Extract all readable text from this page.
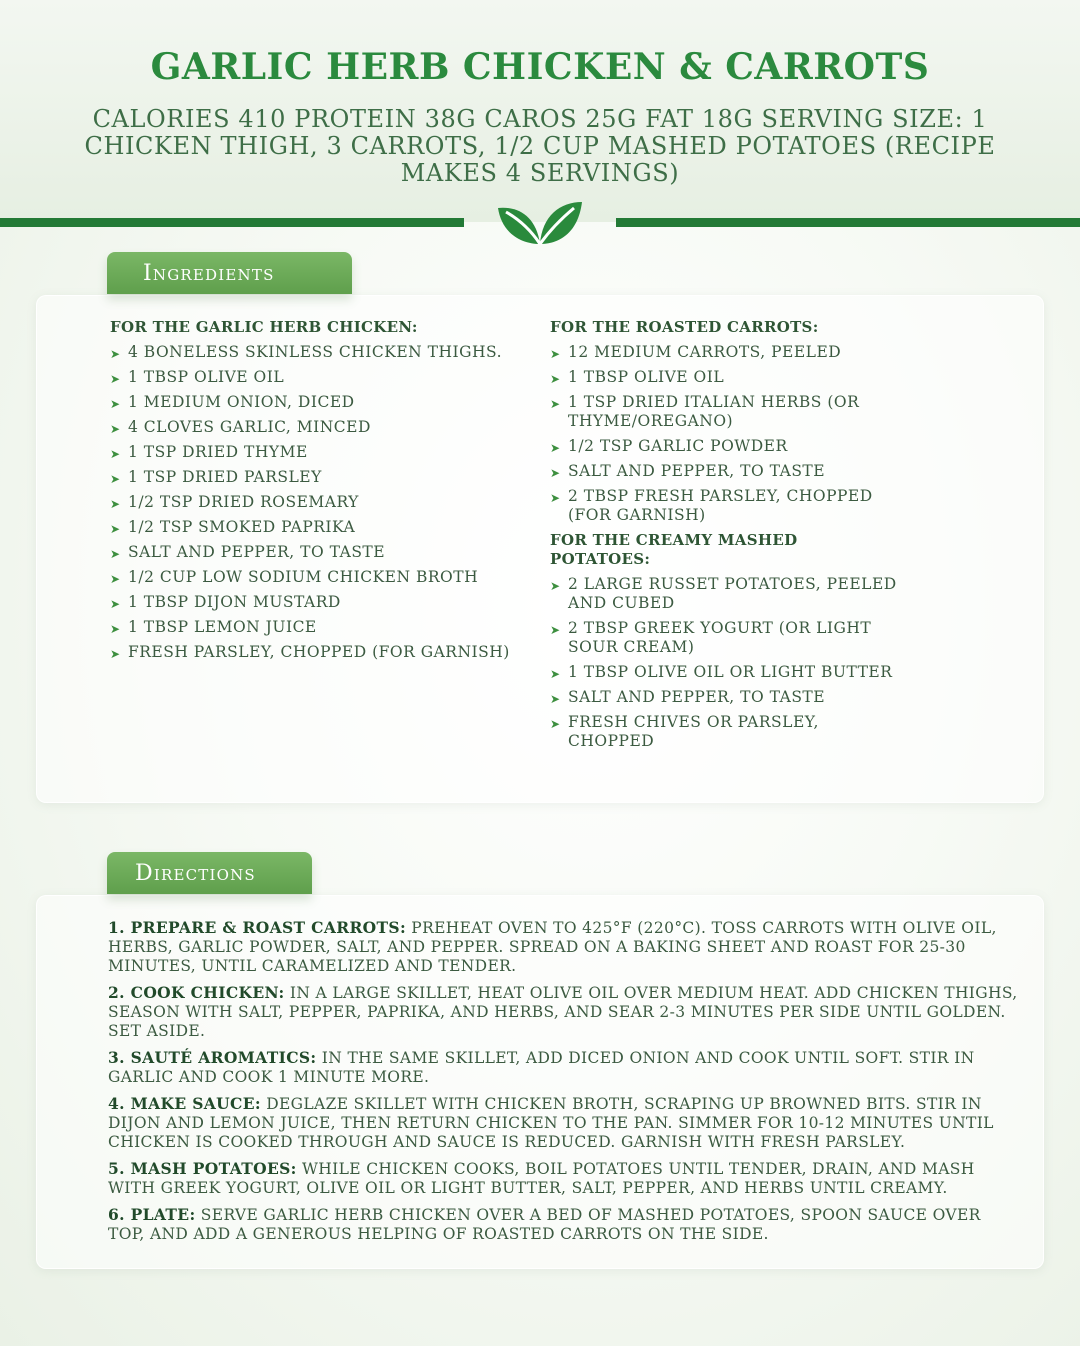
GARLIC HERB CHICKEN & CARROTS

CALORIES 410 PROTEIN 38G CAROS 25G FAT 18G SERVING SIZE: 1 CHICKEN THIGH, 3 CARROTS, 1/2 CUP MASHED POTATOES (RECIPE MAKES 4 SERVINGS)

Ingredients
FOR THE GARLIC HERB CHICKEN:
➤ 4 BONELESS SKINLESS CHICKEN THIGHS.
➤ 1 TBSP OLIVE OIL
➤ 1 MEDIUM ONION, DICED
➤ 4 CLOVES GARLIC, MINCED
➤ 1 TSP DRIED THYME
➤ 1 TSP DRIED PARSLEY
➤ 1/2 TSP DRIED ROSEMARY
➤ 1/2 TSP SMOKED PAPRIKA
➤ SALT AND PEPPER, TO TASTE
➤ 1/2 CUP LOW SODIUM CHICKEN BROTH
➤ 1 TBSP DIJON MUSTARD
➤ 1 TBSP LEMON JUICE
➤ FRESH PARSLEY, CHOPPED (FOR GARNISH)
FOR THE ROASTED CARROTS:
➤ 12 MEDIUM CARROTS, PEELED
➤ 1 TBSP OLIVE OIL
➤ 1 TSP DRIED ITALIAN HERBS (OR THYME/OREGANO)
➤ 1/2 TSP GARLIC POWDER
➤ SALT AND PEPPER, TO TASTE
➤ 2 TBSP FRESH PARSLEY, CHOPPED (FOR GARNISH)
FOR THE CREAMY MASHED POTATOES:
➤ 2 LARGE RUSSET POTATOES, PEELED AND CUBED
➤ 2 TBSP GREEK YOGURT (OR LIGHT SOUR CREAM)
➤ 1 TBSP OLIVE OIL OR LIGHT BUTTER
➤ SALT AND PEPPER, TO TASTE
➤ FRESH CHIVES OR PARSLEY, CHOPPED
Directions

1. PREPARE & ROAST CARROTS: PREHEAT OVEN TO 425°F (220°C). TOSS CARROTS WITH OLIVE OIL, HERBS, GARLIC POWDER, SALT, AND PEPPER. SPREAD ON A BAKING SHEET AND ROAST FOR 25-30 MINUTES, UNTIL CARAMELIZED AND TENDER.

2. COOK CHICKEN: IN A LARGE SKILLET, HEAT OLIVE OIL OVER MEDIUM HEAT. ADD CHICKEN THIGHS, SEASON WITH SALT, PEPPER, PAPRIKA, AND HERBS, AND SEAR 2-3 MINUTES PER SIDE UNTIL GOLDEN. SET ASIDE.

3. SAUTÉ AROMATICS: IN THE SAME SKILLET, ADD DICED ONION AND COOK UNTIL SOFT. STIR IN GARLIC AND COOK 1 MINUTE MORE.

4. MAKE SAUCE: DEGLAZE SKILLET WITH CHICKEN BROTH, SCRAPING UP BROWNED BITS. STIR IN DIJON AND LEMON JUICE, THEN RETURN CHICKEN TO THE PAN. SIMMER FOR 10-12 MINUTES UNTIL CHICKEN IS COOKED THROUGH AND SAUCE IS REDUCED. GARNISH WITH FRESH PARSLEY.

5. MASH POTATOES: WHILE CHICKEN COOKS, BOIL POTATOES UNTIL TENDER, DRAIN, AND MASH WITH GREEK YOGURT, OLIVE OIL OR LIGHT BUTTER, SALT, PEPPER, AND HERBS UNTIL CREAMY.

6. PLATE: SERVE GARLIC HERB CHICKEN OVER A BED OF MASHED POTATOES, SPOON SAUCE OVER TOP, AND ADD A GENEROUS HELPING OF ROASTED CARROTS ON THE SIDE.
